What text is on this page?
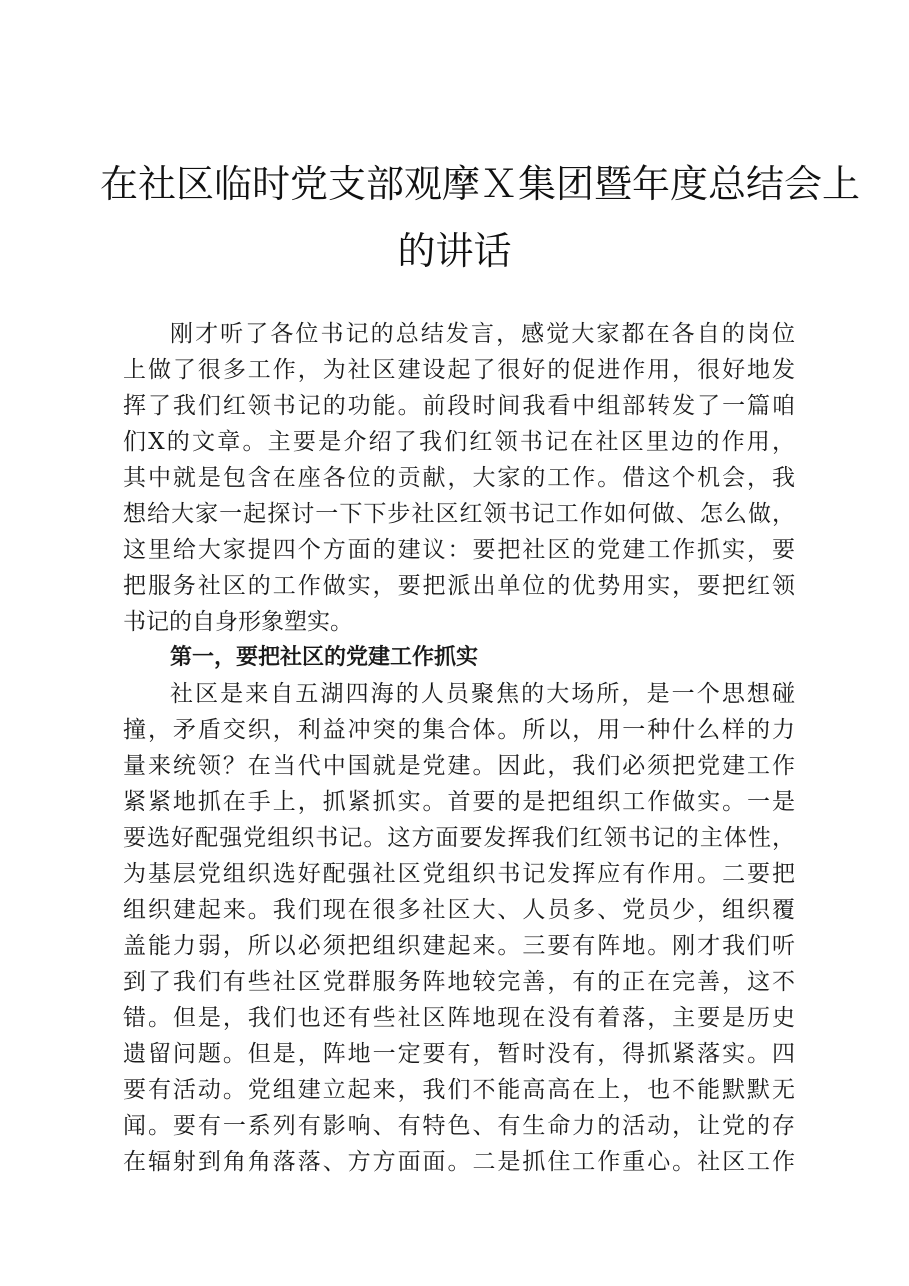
在社区临时党支部观摩Ｘ集团暨年度总结会上
的讲话
刚才听了各位书记的总结发言，感觉大家都在各自的岗位
上做了很多工作，为社区建设起了很好的促进作用，很好地发
挥了我们红领书记的功能。前段时间我看中组部转发了一篇咱
们X的文章。主要是介绍了我们红领书记在社区里边的作用，
其中就是包含在座各位的贡献，大家的工作。借这个机会，我
想给大家一起探讨一下下步社区红领书记工作如何做、怎么做，
这里给大家提四个方面的建议：要把社区的党建工作抓实，要
把服务社区的工作做实，要把派出单位的优势用实，要把红领
书记的自身形象塑实。
第一，要把社区的党建工作抓实
社区是来自五湖四海的人员聚焦的大场所，是一个思想碰
撞，矛盾交织，利益冲突的集合体。所以，用一种什么样的力
量来统领？在当代中国就是党建。因此，我们必须把党建工作
紧紧地抓在手上，抓紧抓实。首要的是把组织工作做实。一是
要选好配强党组织书记。这方面要发挥我们红领书记的主体性，
为基层党组织选好配强社区党组织书记发挥应有作用。二要把
组织建起来。我们现在很多社区大、人员多、党员少，组织覆
盖能力弱，所以必须把组织建起来。三要有阵地。刚才我们听
到了我们有些社区党群服务阵地较完善，有的正在完善，这不
错。但是，我们也还有些社区阵地现在没有着落，主要是历史
遗留问题。但是，阵地一定要有，暂时没有，得抓紧落实。四
要有活动。党组建立起来，我们不能高高在上，也不能默默无
闻。要有一系列有影响、有特色、有生命力的活动，让党的存
在辐射到角角落落、方方面面。二是抓住工作重心。社区工作
